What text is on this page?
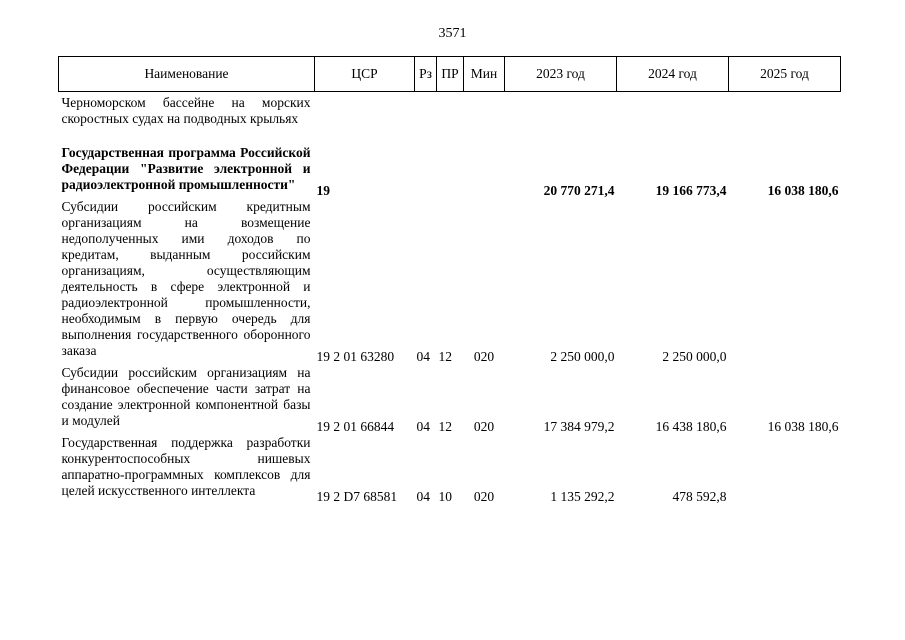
3571
Наименование	ЦСР	Рз	ПР	Мин	2023 год	2024 год	2025 год
Черноморском бассейне на морских скоростных судах на подводных крыльях							
Государственная программа Российской Федерации "Развитие электронной и радиоэлектронной промышленности"	19				20 770 271,4	19 166 773,4	16 038 180,6
Субсидии российским кредитным организациям на возмещение недополученных ими доходов по кредитам, выданным российским организациям, осуществляющим деятельность в сфере электронной и радиоэлектронной промышленности, необходимым в первую очередь для выполнения государственного оборонного заказа	19 2 01 63280	04	12	020	2 250 000,0	2 250 000,0	
Субсидии российским организациям на финансовое обеспечение части затрат на создание электронной компонентной базы и модулей	19 2 01 66844	04	12	020	17 384 979,2	16 438 180,6	16 038 180,6
Государственная поддержка разработки конкурентоспособных нишевых аппаратно-программных комплексов для целей искусственного интеллекта	19 2 D7 68581	04	10	020	1 135 292,2	478 592,8	
